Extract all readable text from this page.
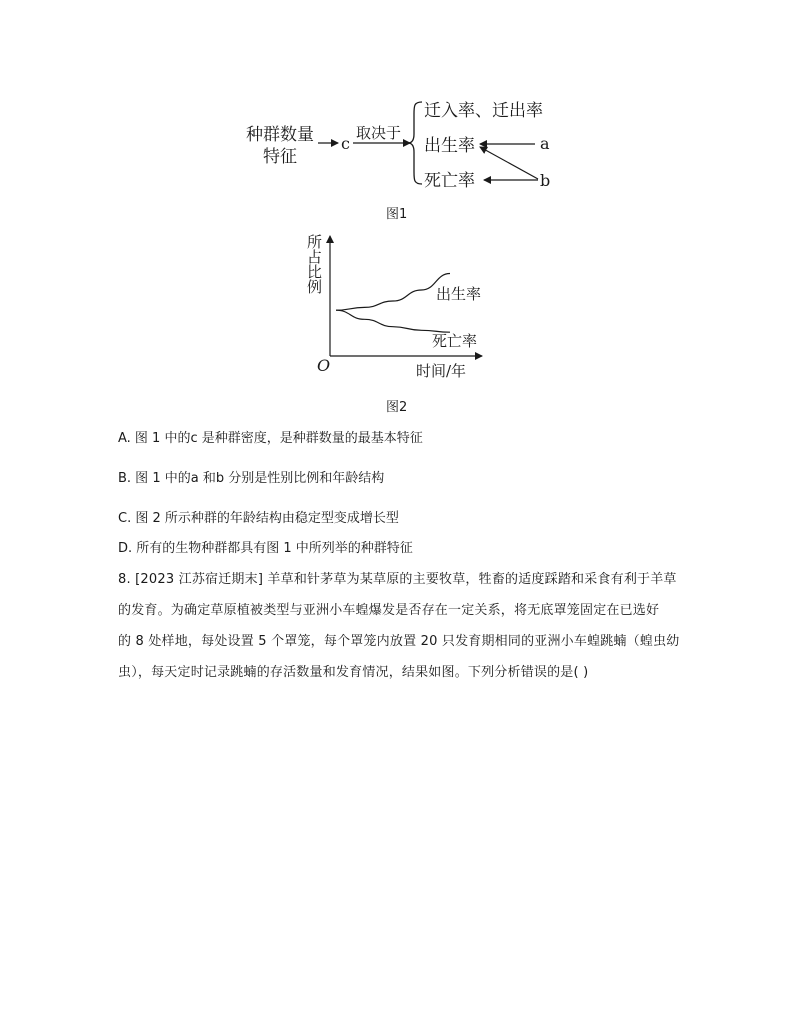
种群数量
特征
c
取决于
迁入率、迁出率
出生率
死亡率
a
b
图1
所占比例
时间/年
O
出生率
死亡率
图2
A. 图 1 中的c 是种群密度，是种群数量的最基本特征
B. 图 1 中的a 和b 分别是性别比例和年龄结构
C. 图 2 所示种群的年龄结构由稳定型变成增长型
D. 所有的生物种群都具有图 1 中所列举的种群特征
8. [2023 江苏宿迁期末] 羊草和针茅草为某草原的主要牧草，牲畜的适度踩踏和采食有利于羊草
的发育。为确定草原植被类型与亚洲小车蝗爆发是否存在一定关系，将无底罩笼固定在已选好
的 8 处样地，每处设置 5 个罩笼，每个罩笼内放置 20 只发育期相同的亚洲小车蝗跳蝻（蝗虫幼
虫），每天定时记录跳蝻的存活数量和发育情况，结果如图。下列分析错误的是( )
